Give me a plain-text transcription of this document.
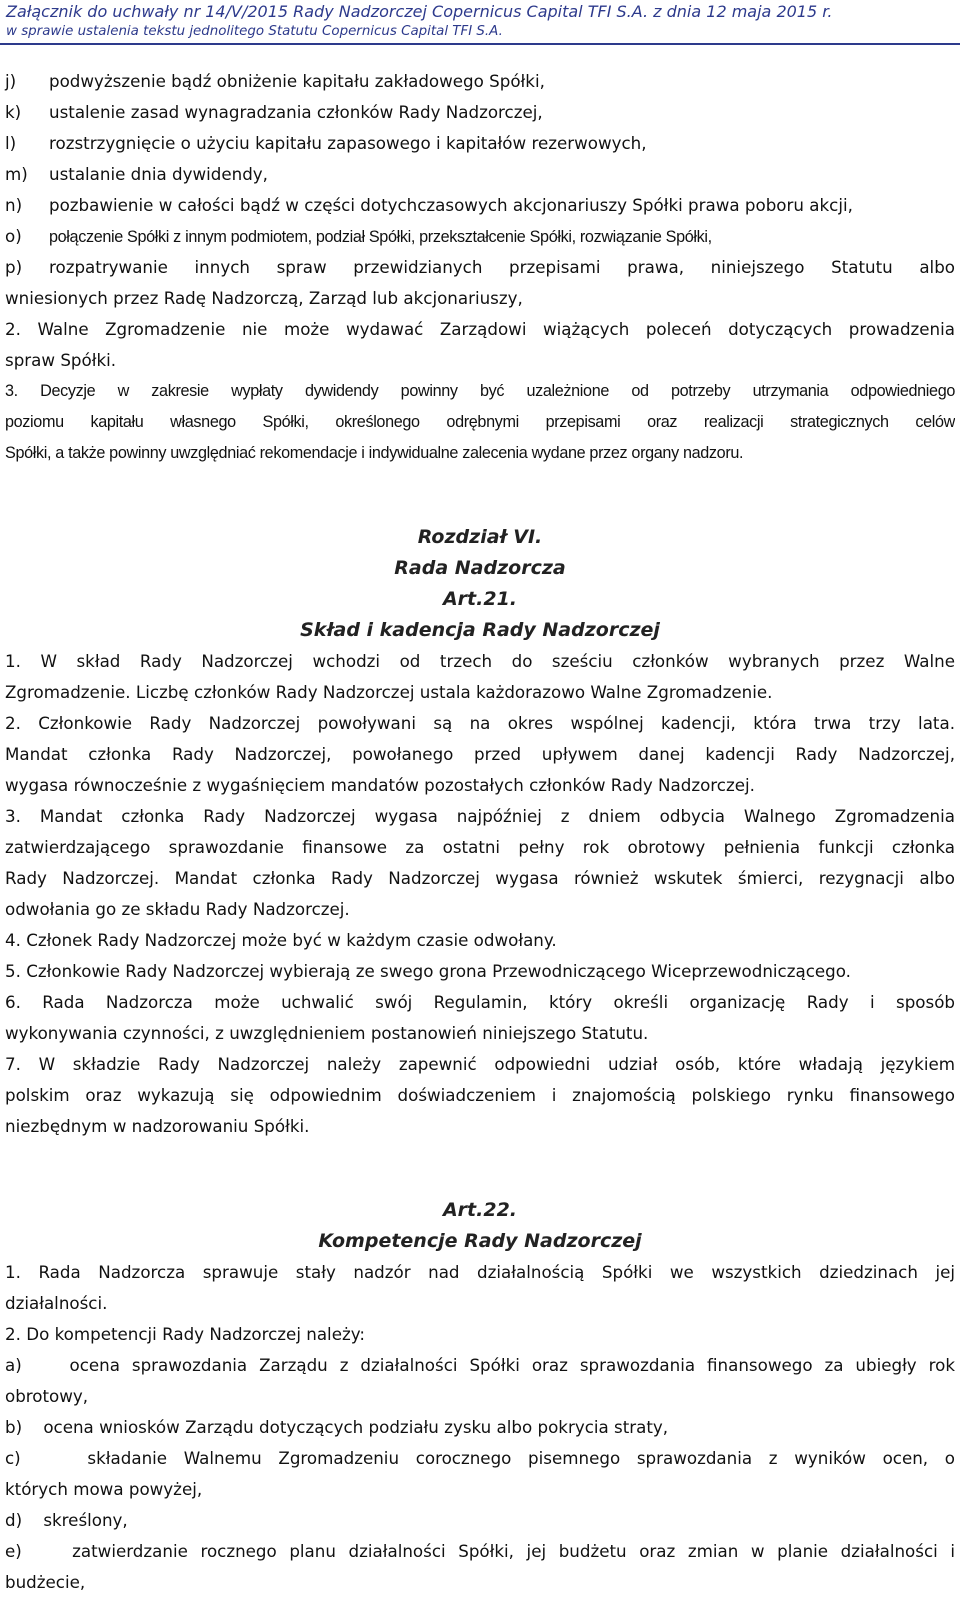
Załącznik do uchwały nr 14/V/2015 Rady Nadzorczej Copernicus Capital TFI S.A. z dnia 12 maja 2015 r.
w sprawie ustalenia tekstu jednolitego Statutu Copernicus Capital TFI S.A.
j) podwyższenie bądź obniżenie kapitału zakładowego Spółki,
k) ustalenie zasad wynagradzania członków Rady Nadzorczej,
l) rozstrzygnięcie o użyciu kapitału zapasowego i kapitałów rezerwowych,
m) ustalanie dnia dywidendy,
n) pozbawienie w całości bądź w części dotychczasowych akcjonariuszy Spółki prawa poboru akcji,
o) połączenie Spółki z innym podmiotem, podział Spółki, przekształcenie Spółki, rozwiązanie Spółki,
p)	rozpatrywanie innych spraw przewidzianych przepisami prawa, niniejszego Statutu albo
wniesionych przez Radę Nadzorczą, Zarząd lub akcjonariuszy,
2. Walne Zgromadzenie nie może wydawać Zarządowi wiążących poleceń dotyczących prowadzenia
spraw Spółki.
3. Decyzje w zakresie wypłaty dywidendy powinny być uzależnione od potrzeby utrzymania odpowiedniego
poziomu kapitału własnego Spółki, określonego odrębnymi przepisami oraz realizacji strategicznych celów
Spółki, a także powinny uwzględniać rekomendacje i indywidualne zalecenia wydane przez organy nadzoru.
Rozdział VI.
Rada Nadzorcza
Art.21.
Skład i kadencja Rady Nadzorczej
1. W skład Rady Nadzorczej wchodzi od trzech do sześciu członków wybranych przez Walne
Zgromadzenie. Liczbę członków Rady Nadzorczej ustala każdorazowo Walne Zgromadzenie.
2. Członkowie Rady Nadzorczej powoływani są na okres wspólnej kadencji, która trwa trzy lata.
Mandat członka Rady Nadzorczej, powołanego przed upływem danej kadencji Rady Nadzorczej,
wygasa równocześnie z wygaśnięciem mandatów pozostałych członków Rady Nadzorczej.
3. Mandat członka Rady Nadzorczej wygasa najpóźniej z dniem odbycia Walnego Zgromadzenia
zatwierdzającego sprawozdanie finansowe za ostatni pełny rok obrotowy pełnienia funkcji członka
Rady Nadzorczej. Mandat członka Rady Nadzorczej wygasa również wskutek śmierci, rezygnacji albo
odwołania go ze składu Rady Nadzorczej.
4. Członek Rady Nadzorczej może być w każdym czasie odwołany.
5. Członkowie Rady Nadzorczej wybierają ze swego grona Przewodniczącego Wiceprzewodniczącego.
6. Rada Nadzorcza może uchwalić swój Regulamin, który określi organizację Rady i sposób
wykonywania czynności, z uwzględnieniem postanowień niniejszego Statutu.
7. W składzie Rady Nadzorczej należy zapewnić odpowiedni udział osób, które władają językiem
polskim oraz wykazują się odpowiednim doświadczeniem i znajomością polskiego rynku finansowego
niezbędnym w nadzorowaniu Spółki.
Art.22.
Kompetencje Rady Nadzorczej
1. Rada Nadzorcza sprawuje stały nadzór nad działalnością Spółki we wszystkich dziedzinach jej
działalności.
2. Do kompetencji Rady Nadzorczej należy:
a)    ocena sprawozdania Zarządu z działalności Spółki oraz sprawozdania finansowego za ubiegły rok
obrotowy,
b)    ocena wniosków Zarządu dotyczących podziału zysku albo pokrycia straty,
c)    składanie Walnemu Zgromadzeniu corocznego pisemnego sprawozdania z wyników ocen, o
których mowa powyżej,
d)    skreślony,
e)    zatwierdzanie rocznego planu działalności Spółki, jej budżetu oraz zmian w planie działalności i
budżecie,
